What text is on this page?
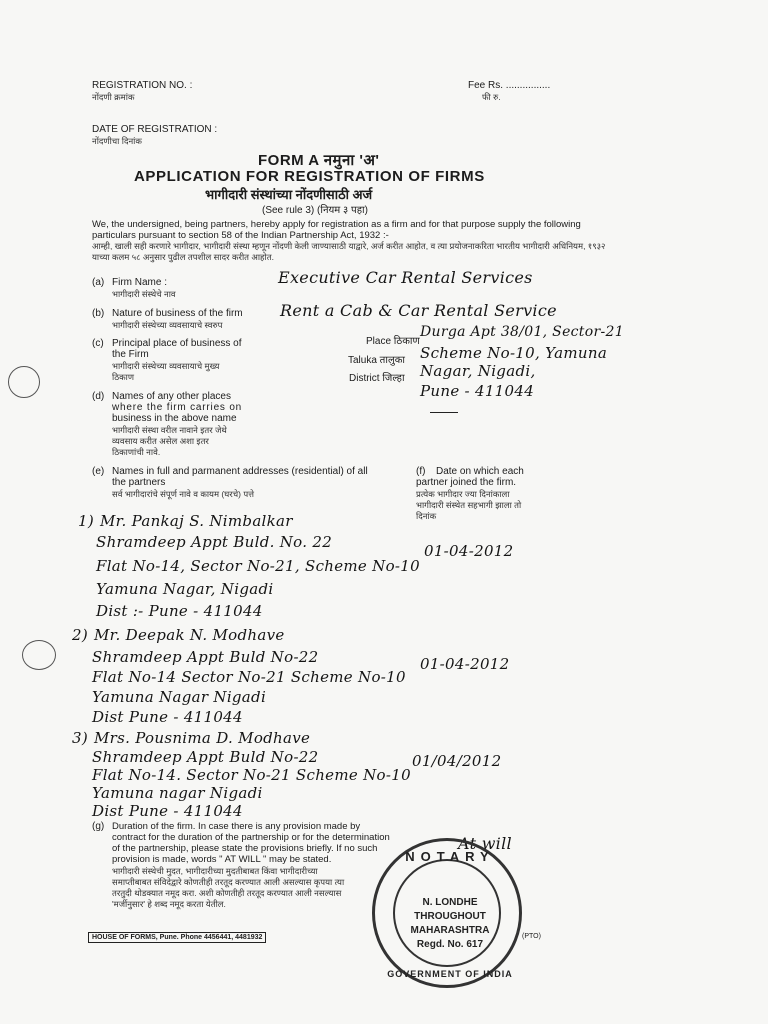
REGISTRATION NO. :
नोंदणी क्रमांक
Fee Rs. ................
फी रु.
DATE OF REGISTRATION :
नोंदणीचा दिनांक
FORM A नमुना 'अ'
APPLICATION FOR REGISTRATION OF FIRMS
भागीदारी संस्थांच्या नोंदणीसाठी अर्ज
(See rule 3) (नियम ३ पहा)
We, the undersigned, being partners, hereby apply for registration as a firm and for that purpose supply the following particulars pursuant to section 58 of the Indian Partnership Act, 1932 :-
आम्ही, खाली सही करणारे भागीदार, भागीदारी संस्था म्हणून नोंदणी केली जाण्यासाठी याद्वारे, अर्ज करीत आहोत, व त्या प्रयोजनाकरिता भारतीय भागीदारी अधिनियम, १९३२ याच्या कलम ५८ अनुसार पुढील तपशील सादर करीत आहोत.
(a) Firm Name :
भागीदारी संस्थेचे नाव
Executive Car Rental Services
(b) Nature of business of the firm
भागीदारी संस्थेच्या व्यवसायाचे स्वरुप
Rent a Cab & Car Rental Service
(c) Principal place of business of
the Firm
भागीदारी संस्थेच्या व्यवसायाचे मुख्य
ठिकाण
Place ठिकाण
Durga Apt 38/01, Sector-21
Taluka तालुका Scheme No-10, Yamuna
District जिल्हा Nagar, Nigadi,
Pune - 411044
(d) Names of any other places
where the firm carries on
business in the above name
भागीदारी संस्था वरील नावाने इतर जेथे
व्यवसाय करीत असेल अशा इतर
ठिकाणांची नावे.
(e) Names in full and parmanent addresses (residential) of all
the partners
सर्व भागीदारांचे संपूर्ण नावे व कायम (घरचे) पत्ते
(f) Date on which each
partner joined the firm.
प्रत्येक भागीदार ज्या दिनांकाला
भागीदारी संस्थेत सहभागी झाला तो
दिनांक
1) Mr. Pankaj S. Nimbalkar
Shramdeep Appt Buld. No. 22
Flat No-14, Sector No-21, Scheme No-10
Yamuna Nagar, Nigadi
Dist :- Pune - 411044
01-04-2012
2) Mr. Deepak N. Modhave
Shramdeep Appt Buld No-22
Flat No-14 Sector No-21 Scheme No-10
Yamuna Nagar Nigadi
Dist Pune - 411044
01-04-2012
3) Mrs. Pousnima D. Modhave
Shramdeep Appt Buld No-22
Flat No-14. Sector No-21 Scheme No-10
Yamuna nagar Nigadi
Dist Pune - 411044
01/04/2012
(g) Duration of the firm. In case there is any provision made by
contract for the duration of the partnership or for the determination
of the partnership, please state the provisions briefly. If no such
provision is made, words " AT WILL " may be stated.
भागीदारी संस्थेची मुदत, भागीदारीच्या मुदतीबाबत किंवा भागीदारीच्या
समाप्तीबाबत संविदेद्वारे कोणतीही तरतूद करण्यात आली असल्यास कृपया त्या
तरतुदी थोडक्यात नमूद करा. अशी कोणतीही तरतूद करण्यात आली नसल्यास
'मर्जीनुसार' हे शब्द नमूद करता येतील.
At will
HOUSE OF FORMS, Pune. Phone 4456441, 4481932	(PTO)
NOTARY
N. LONDHE
THROUGHOUT
MAHARASHTRA
Regd. No. 617
GOVERNMENT OF INDIA
